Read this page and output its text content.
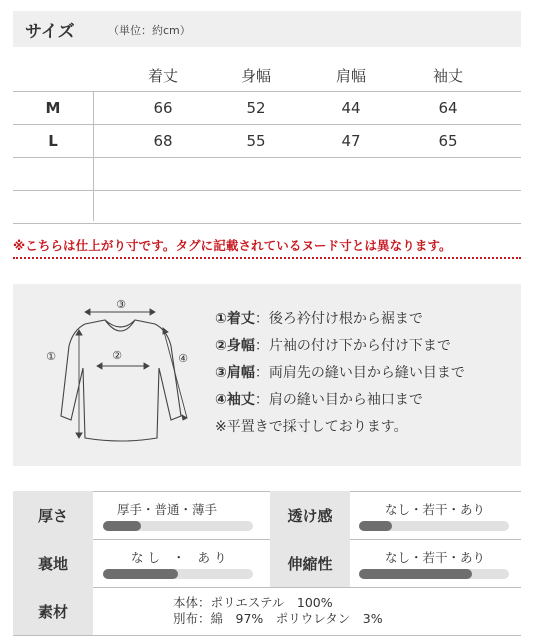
サイズ	（単位：約cm）
着丈	身幅	肩幅	袖丈
M	66	52	44	64
L	68	55	47	65
※こちらは仕上がり寸です。タグに記載されているヌード寸とは異なります。
③
①	②	④
①着丈：後ろ衿付け根から裾まで
②身幅：片袖の付け下から付け下まで
③肩幅：両肩先の縫い目から縫い目まで
④袖丈：肩の縫い目から袖口まで
※平置きで採寸しております。
厚さ	厚手・普通・薄手	透け感	なし・若干・あり
裏地	な し　・　あ り	伸縮性	なし・若干・あり
素材	本体：ポリエステル　100%
別布：綿　97%　ポリウレタン　3%
